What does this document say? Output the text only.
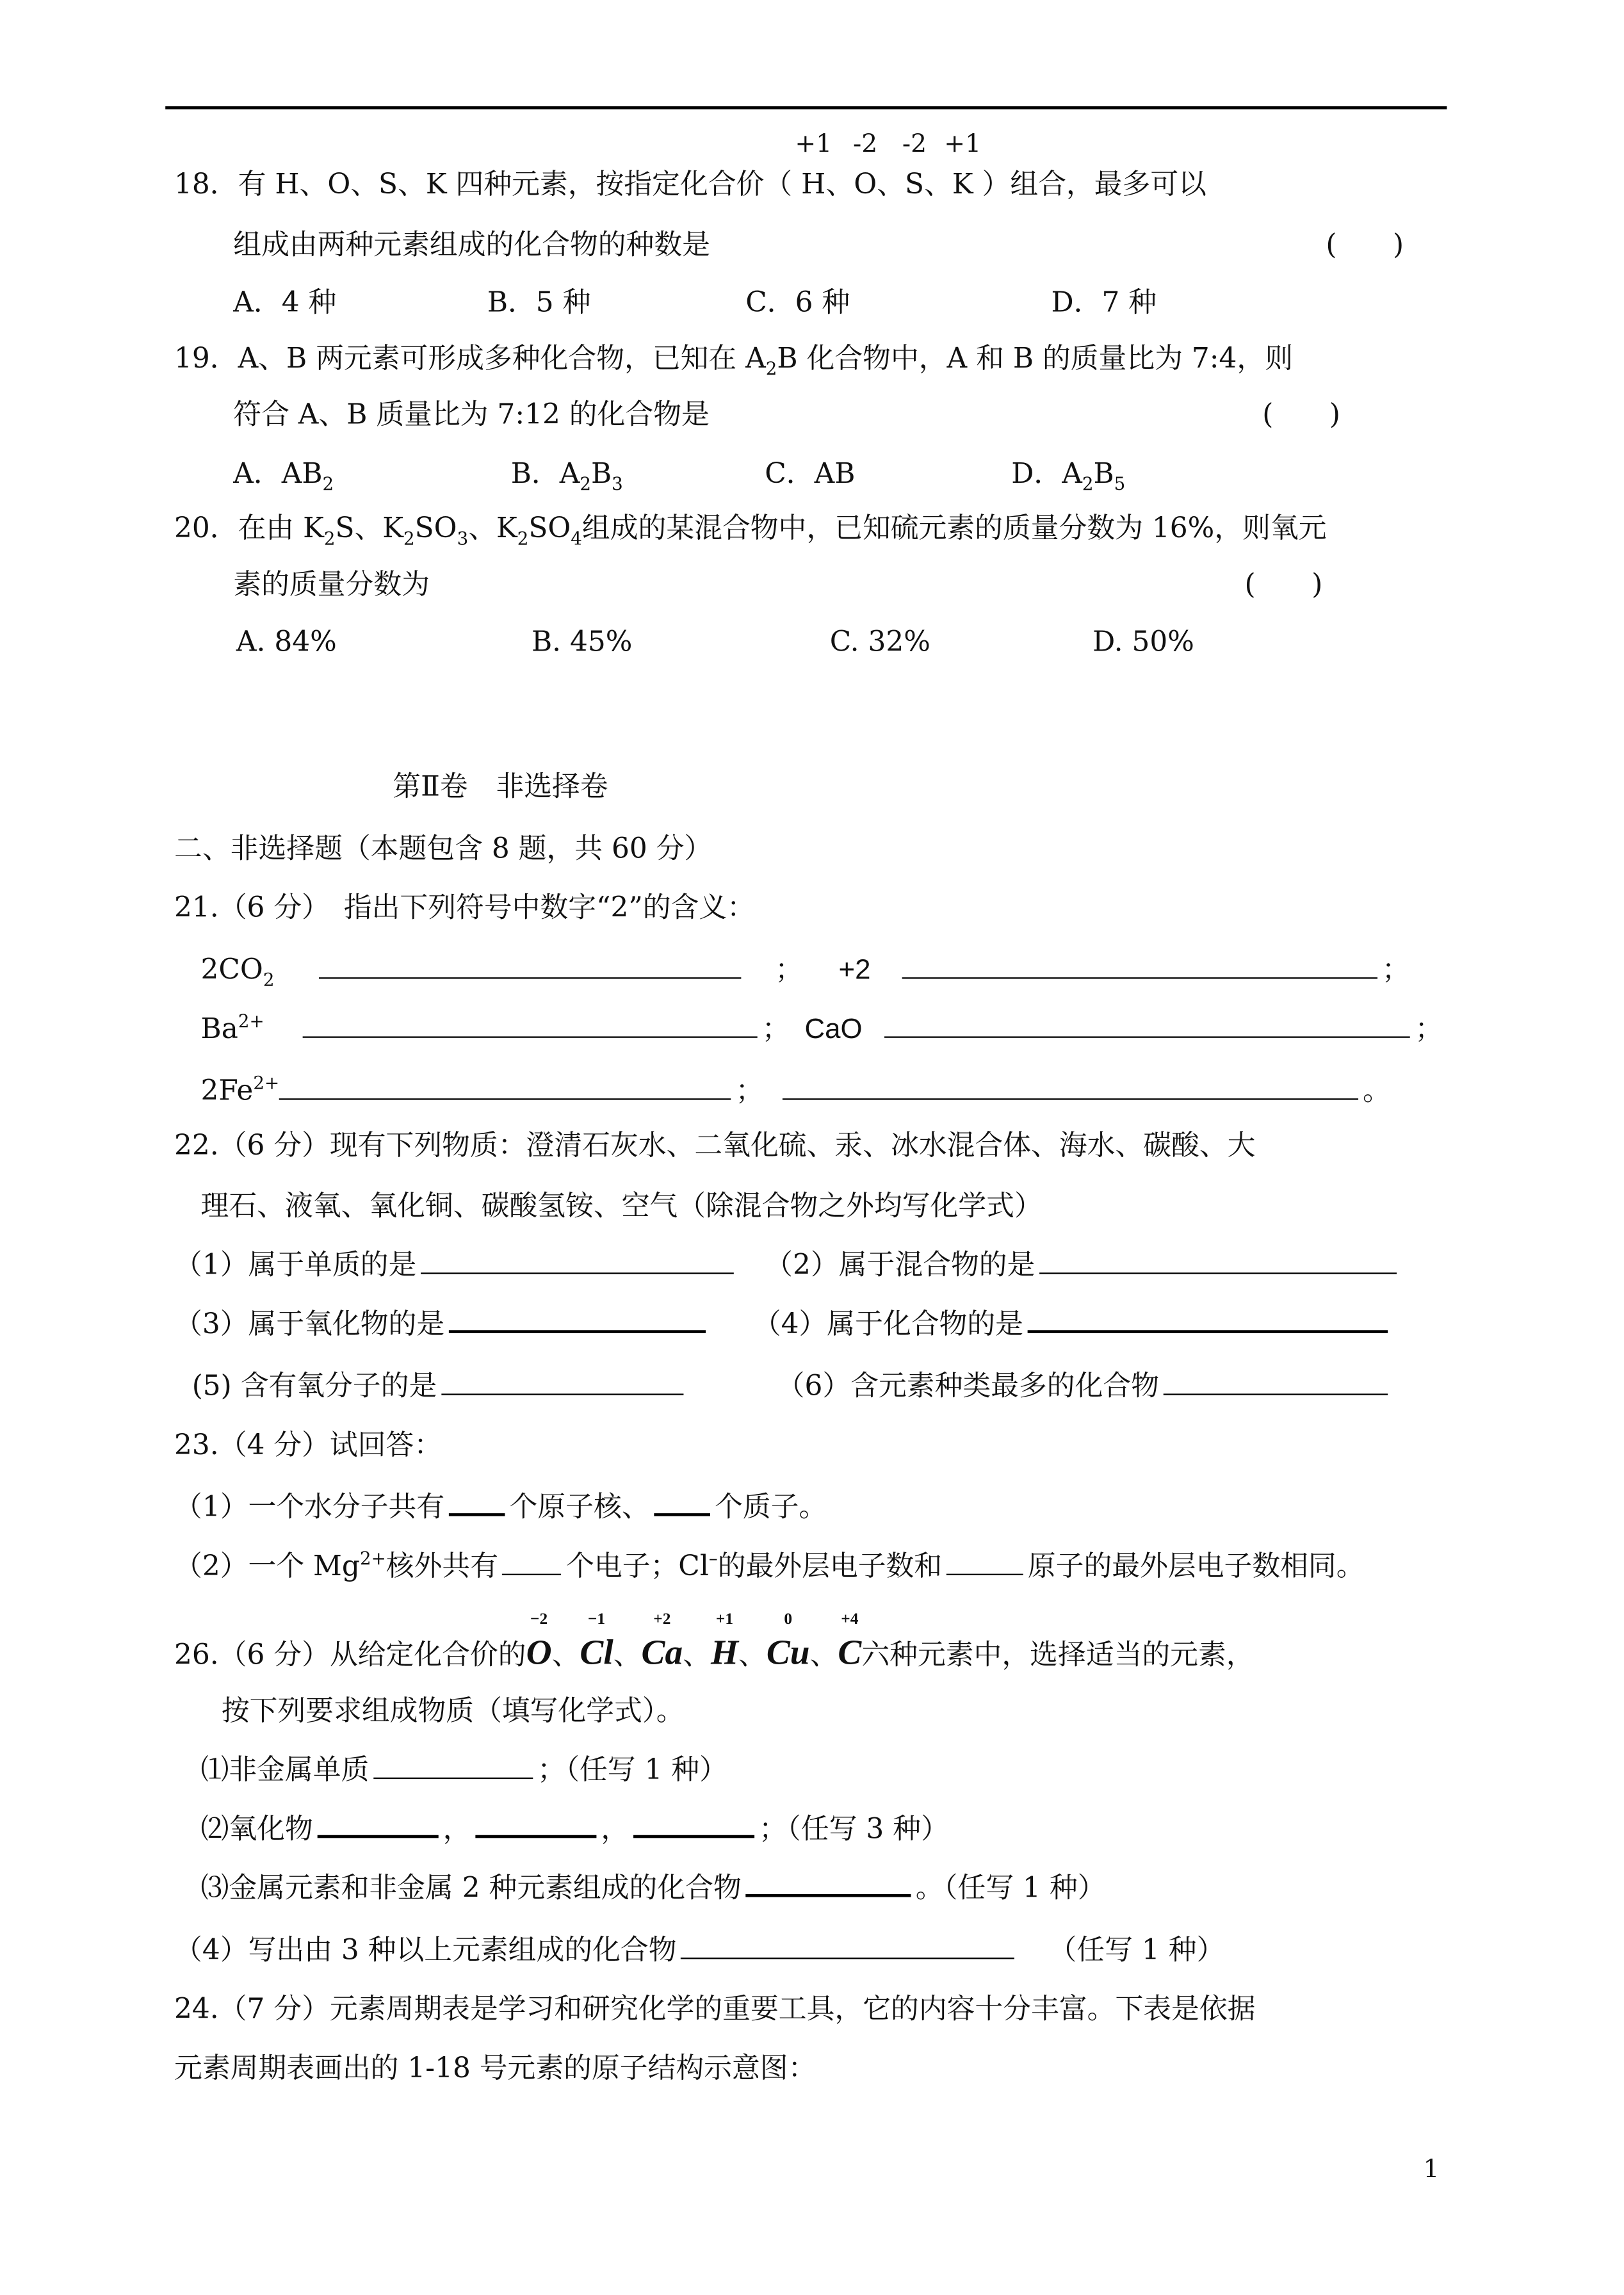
18．有 H、O、S、K 四种元素，按指定化合价（
+1
H、
-2
O、
-2
S、
+1
K ）组合，最多可以
组成由两种元素组成的化合物的种数是	(　　)
A．4 种	B．5 种	C．6 种	D．7 种
19．A、B 两元素可形成多种化合物，已知在 $A_2B$ 化合物中，A 和 B 的质量比为 7:4，则
符合 A、B 质量比为 7:12 的化合物是	(　　)
A．$AB_2$	B．$A_2B_3$	C．AB	D．$A_2B_5$
20．在由 $K_2S$、$K_2SO_3$、$K_2SO_4$组成的某混合物中，已知硫元素的质量分数为 16%，则氧元
素的质量分数为	(　　)
A. 84%	B. 45%	C. 32%	D. 50%
第Ⅱ卷　非选择卷
二、非选择题（本题包含 8 题，共 60 分）
21.（6 分）　指出下列符号中数字“2”的含义：
$2CO_2$	；	+2	；
$Ba^{2+}$	； CaO	；
$2Fe^{2+}$	；	。
22.（6 分）现有下列物质：澄清石灰水、二氧化硫、汞、冰水混合体、海水、碳酸、大
理石、液氧、氧化铜、碳酸氢铵、空气（除混合物之外均写化学式）
（1）属于单质的是	（2）属于混合物的是
（3）属于氧化物的是	（4）属于化合物的是
(5) 含有氧分子的是	（6）含元素种类最多的化合物
23.（4 分）试回答：
（1）一个水分子共有	个原子核、	个质子。
（2）一个 $Mg^{2+}$核外共有	个电子；Cl–的最外层电子数和	原子的最外层电子数相同。
26.（6 分）从给定化合价的
−2
O、
−1
Cl、
+2
Ca、
+1
H、
0
Cu、
+4
C六种元素中，选择适当的元素，
按下列要求组成物质（填写化学式）。
⑴非金属单质	；（任写 1 种）
⑵氧化物	，	，	；（任写 3 种）
⑶金属元素和非金属 2 种元素组成的化合物	。（任写 1 种）
（4）写出由 3 种以上元素组成的化合物	（任写 1 种）
24.（7 分）元素周期表是学习和研究化学的重要工具，它的内容十分丰富。下表是依据
元素周期表画出的 1-18 号元素的原子结构示意图：
1
